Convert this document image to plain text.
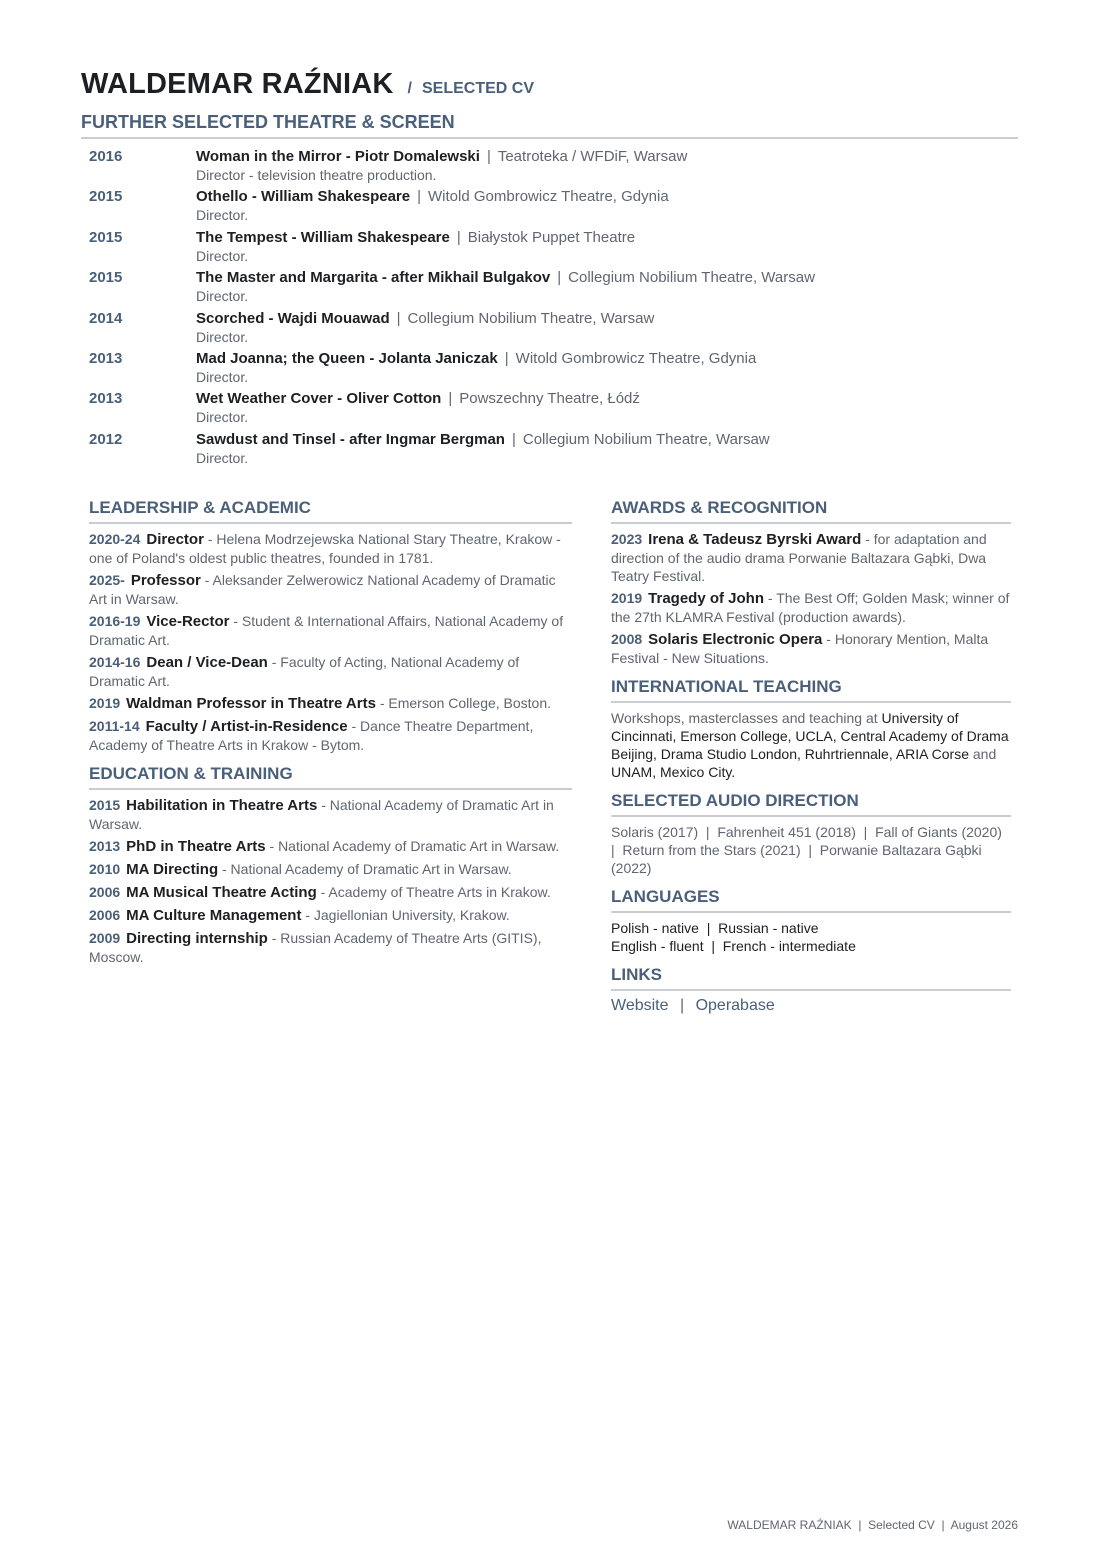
WALDEMAR RAŹNIAK / SELECTED CV
FURTHER SELECTED THEATRE & SCREEN
2016	Woman in the Mirror - Piotr Domalewski | Teatroteka / WFDiF, Warsaw
Director - television theatre production.
2015	Othello - William Shakespeare | Witold Gombrowicz Theatre, Gdynia
Director.
2015	The Tempest - William Shakespeare | Białystok Puppet Theatre
Director.
2015	The Master and Margarita - after Mikhail Bulgakov | Collegium Nobilium Theatre, Warsaw
Director.
2014	Scorched - Wajdi Mouawad | Collegium Nobilium Theatre, Warsaw
Director.
2013	Mad Joanna; the Queen - Jolanta Janiczak | Witold Gombrowicz Theatre, Gdynia
Director.
2013	Wet Weather Cover - Oliver Cotton | Powszechny Theatre, Łódź
Director.
2012	Sawdust and Tinsel - after Ingmar Bergman | Collegium Nobilium Theatre, Warsaw
Director.
LEADERSHIP & ACADEMIC
2020-24 Director - Helena Modrzejewska National Stary Theatre, Krakow - one of Poland's oldest public theatres, founded in 1781.
2025- Professor - Aleksander Zelwerowicz National Academy of Dramatic Art in Warsaw.
2016-19 Vice-Rector - Student & International Affairs, National Academy of Dramatic Art.
2014-16 Dean / Vice-Dean - Faculty of Acting, National Academy of Dramatic Art.
2019 Waldman Professor in Theatre Arts - Emerson College, Boston.
2011-14 Faculty / Artist-in-Residence - Dance Theatre Department, Academy of Theatre Arts in Krakow - Bytom.
EDUCATION & TRAINING
2015 Habilitation in Theatre Arts - National Academy of Dramatic Art in Warsaw.
2013 PhD in Theatre Arts - National Academy of Dramatic Art in Warsaw.
2010 MA Directing - National Academy of Dramatic Art in Warsaw.
2006 MA Musical Theatre Acting - Academy of Theatre Arts in Krakow.
2006 MA Culture Management - Jagiellonian University, Krakow.
2009 Directing internship - Russian Academy of Theatre Arts (GITIS), Moscow.
AWARDS & RECOGNITION
2023 Irena & Tadeusz Byrski Award - for adaptation and direction of the audio drama Porwanie Baltazara Gąbki, Dwa Teatry Festival.
2019 Tragedy of John - The Best Off; Golden Mask; winner of the 27th KLAMRA Festival (production awards).
2008 Solaris Electronic Opera - Honorary Mention, Malta Festival - New Situations.
INTERNATIONAL TEACHING
Workshops, masterclasses and teaching at University of Cincinnati, Emerson College, UCLA, Central Academy of Drama Beijing, Drama Studio London, Ruhrtriennale, ARIA Corse and UNAM, Mexico City.
SELECTED AUDIO DIRECTION
Solaris (2017)  |  Fahrenheit 451 (2018)  |  Fall of Giants (2020)  |  Return from the Stars (2021)  |  Porwanie Baltazara Gąbki (2022)
LANGUAGES
Polish - native  |  Russian - native
English - fluent  |  French - intermediate
LINKS
Website | Operabase
WALDEMAR RAŹNIAK  |  Selected CV  |  August 2026
